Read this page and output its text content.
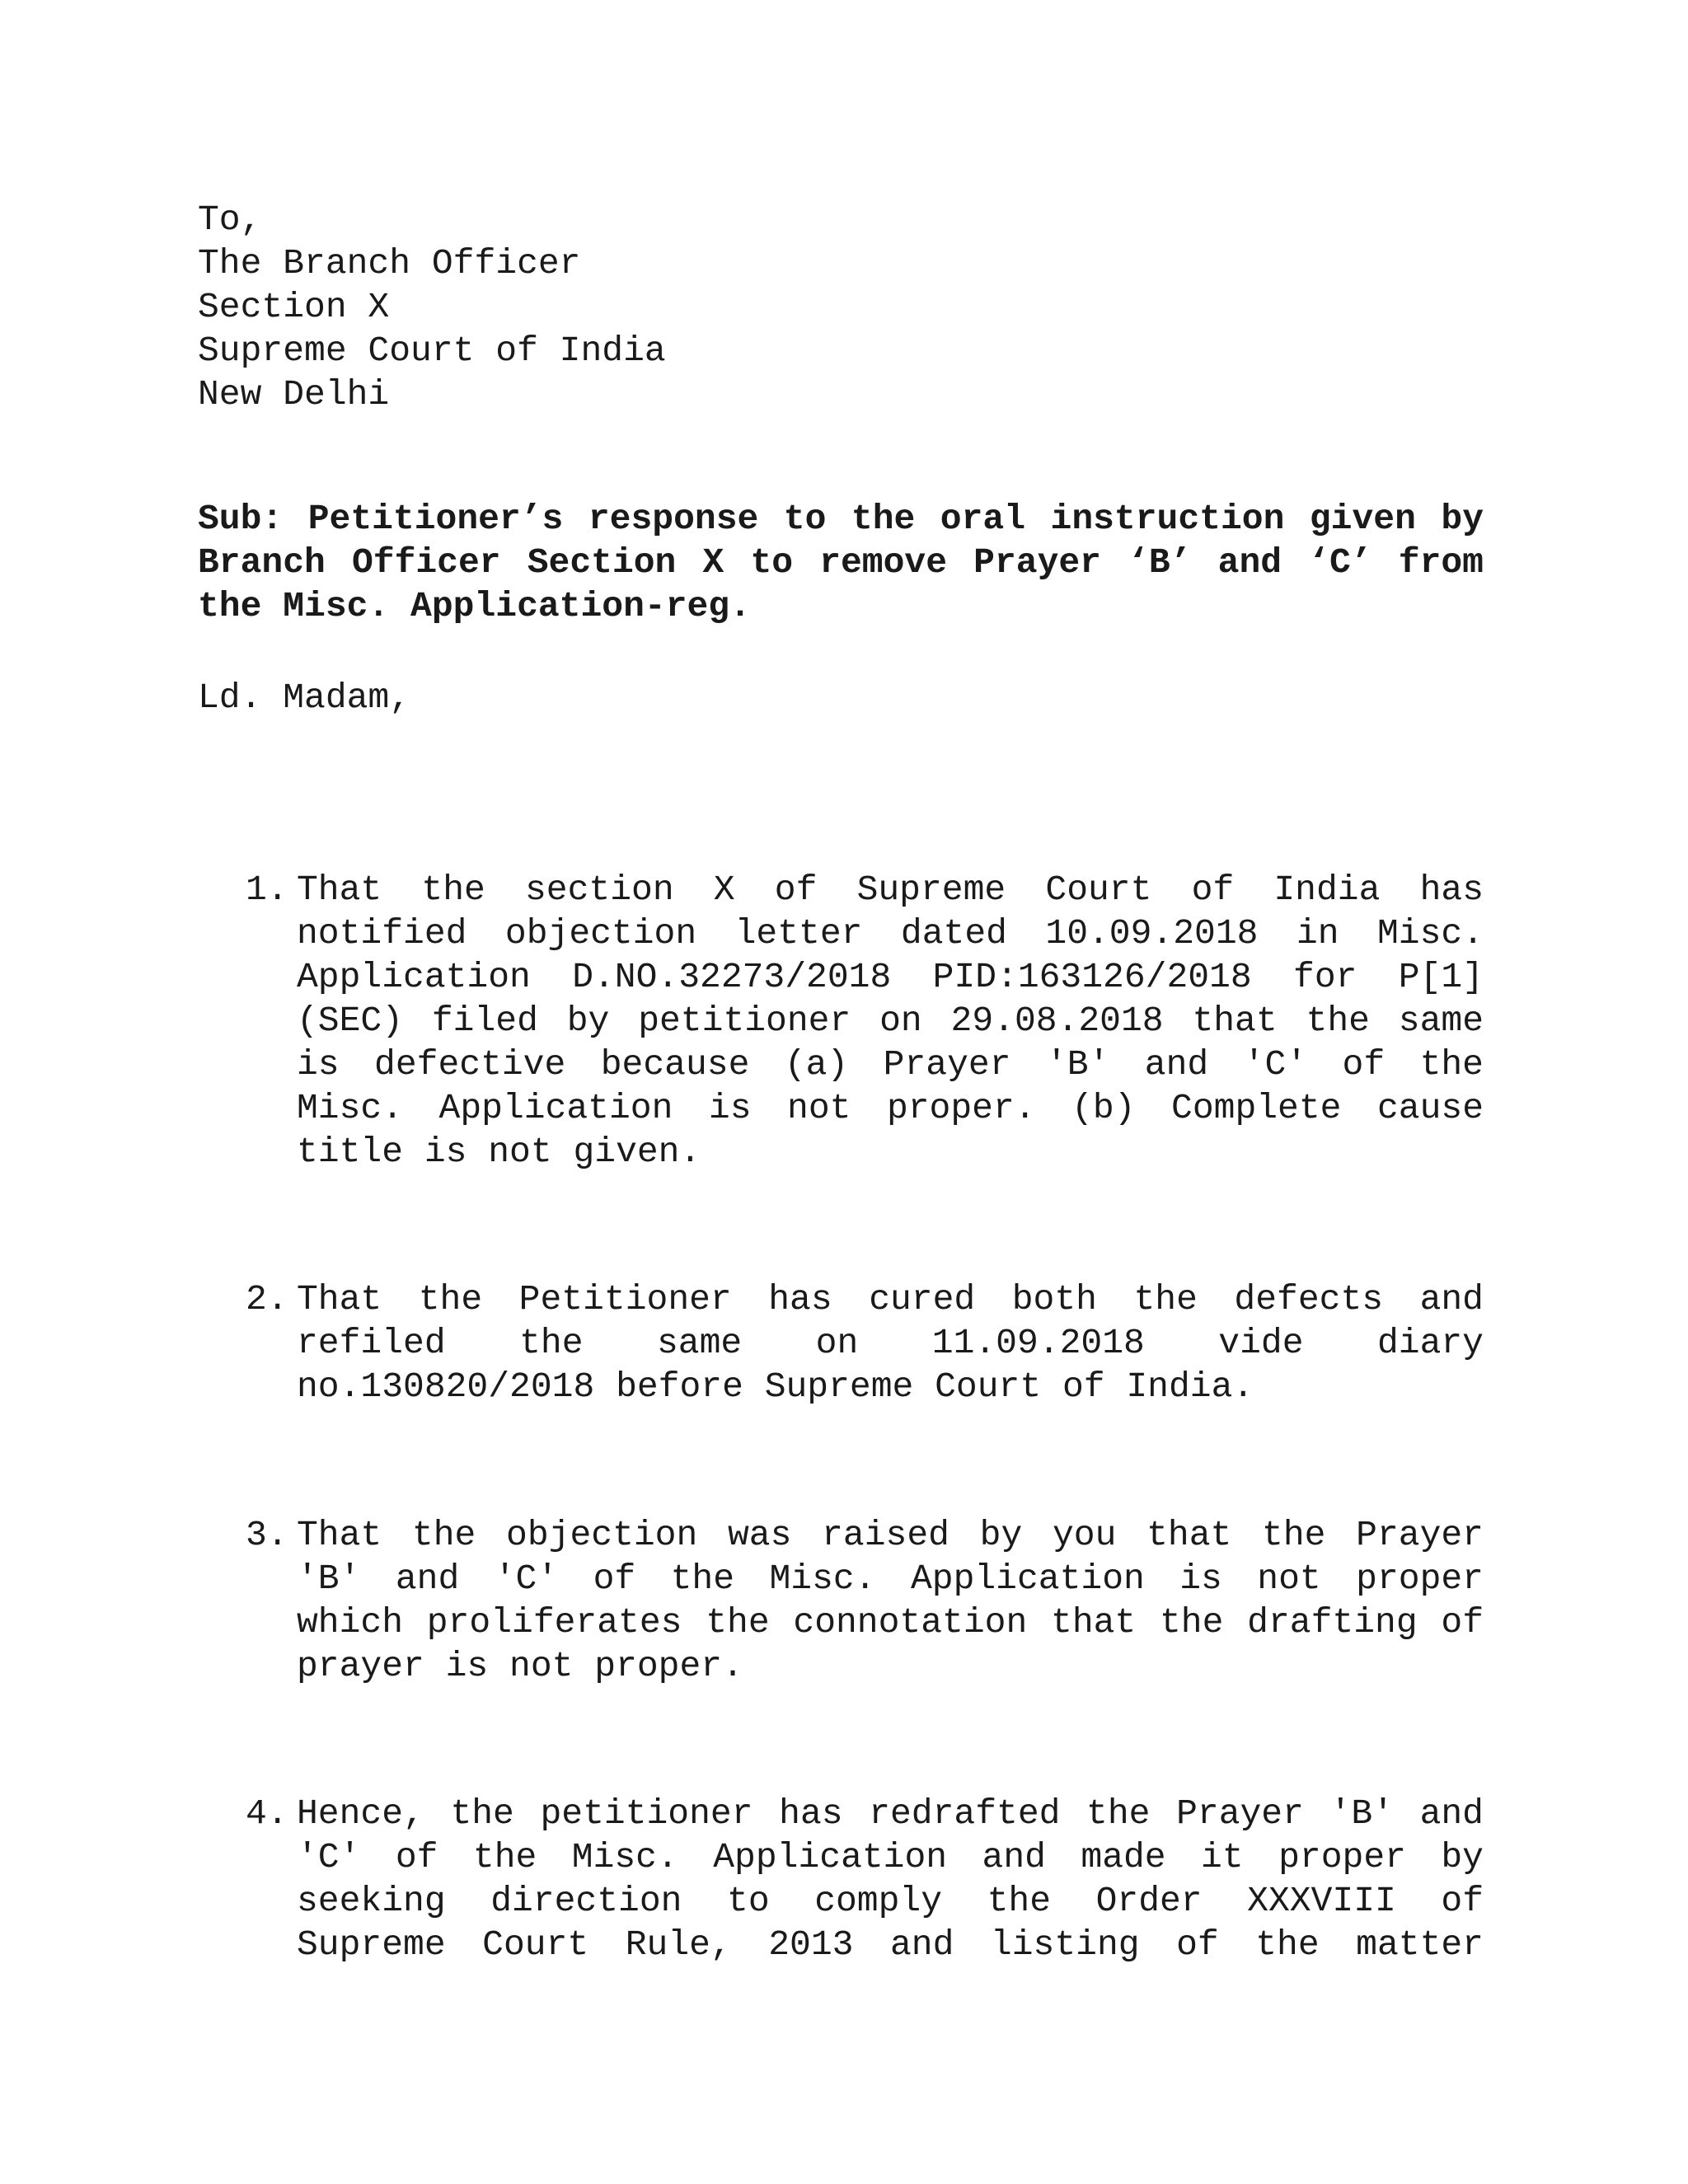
To,
The Branch Officer
Section X
Supreme Court of India
New Delhi
Sub: Petitioner’s response to the oral instruction given by Branch Officer Section X to remove Prayer ‘B’ and ‘C’ from the Misc. Application-reg.
Ld. Madam,
1. That the section X of Supreme Court of India has notified objection letter dated 10.09.2018 in Misc. Application D.NO.32273/2018 PID:163126/2018 for P[1](SEC) filed by petitioner on 29.08.2018 that the same is defective because (a) Prayer 'B' and 'C' of the Misc. Application is not proper. (b) Complete cause title is not given.
2. That the Petitioner has cured both the defects and refiled the same on 11.09.2018 vide diary no.130820/2018 before Supreme Court of India.
3. That the objection was raised by you that the Prayer 'B' and 'C' of the Misc. Application is not proper which proliferates the connotation that the drafting of prayer is not proper.
4. Hence, the petitioner has redrafted the Prayer 'B' and 'C' of the Misc. Application and made it proper by seeking direction to comply the Order XXXVIII of Supreme Court Rule, 2013 and listing of the matter
